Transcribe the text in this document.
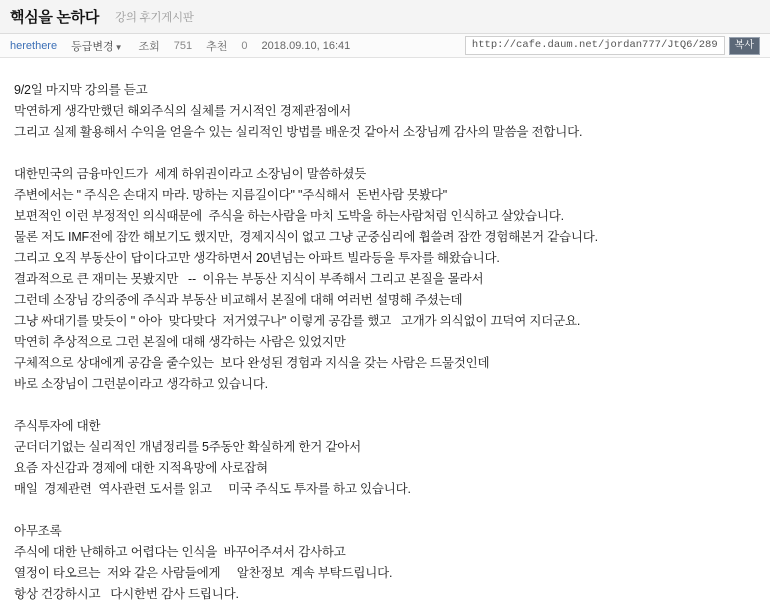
핵심을 논하다 강의 후기게시판
herethere 등급변경▼ 조회 751 추천 0 2018.09.10, 16:41	http://cafe.daum.net/jordan777/JtQ6/289	복사
9/2일 마지막 강의를 듣고
막연하게 생각만했던 해외주식의 실체를 거시적인 경제관점에서
그리고 실제 활용해서 수익을 얻을수 있는 실리적인 방법를 배운것 같아서 소장님께 감사의 말씀을 전합니다.
대한민국의 금융마인드가  세계 하위권이라고 소장님이 말씀하셨듯
주변에서는 " 주식은 손대지 마라. 망하는 지름길이다" "주식해서  돈번사람 못봤다"
보편적인 이런 부정적인 의식때문에  주식을 하는사람을 마치 도박을 하는사람처럼 인식하고 살았습니다.
물론 저도 IMF전에 잠깐 해보기도 했지만,  경제지식이 없고 그냥 군중심리에 휩쓸려 잠깐 경험해본거 같습니다.
그리고 오직 부동산이 답이다고만 생각하면서 20년넘는 아파트 빌라등을 투자를 해왔습니다.
결과적으로 큰 재미는 못봤지만   --  이유는 부동산 지식이 부족해서 그리고 본질을 몰라서
그런데 소장님 강의중에 주식과 부동산 비교해서 본질에 대해 여러번 설명해 주셨는데
그냥 싸대기를 맞듯이 " 아아  맞다맞다  저거였구나" 이렇게 공감를 했고   고개가 의식없이 끄덕여 지더군요.
막연히 추상적으로 그런 본질에 대해 생각하는 사람은 있었지만
구체적으로 상대에게 공감을 줄수있는  보다 완성된 경험과 지식을 갖는 사람은 드물것인데
바로 소장님이 그런분이라고 생각하고 있습니다.
주식투자에 대한
군더더기없는 실리적인 개념정리를 5주동안 확실하게 한거 같아서
요즘 자신감과 경제에 대한 지적욕망에 사로잡혀
매일  경제관련  역사관련 도서를 읽고     미국 주식도 투자를 하고 있습니다.
아무조록
주식에 대한 난해하고 어렵다는 인식을  바꾸어주셔서 감사하고
열정이 타오르는  저와 같은 사람들에게     알찬정보  계속 부탁드립니다.
항상 건강하시고   다시한번 감사 드립니다.
